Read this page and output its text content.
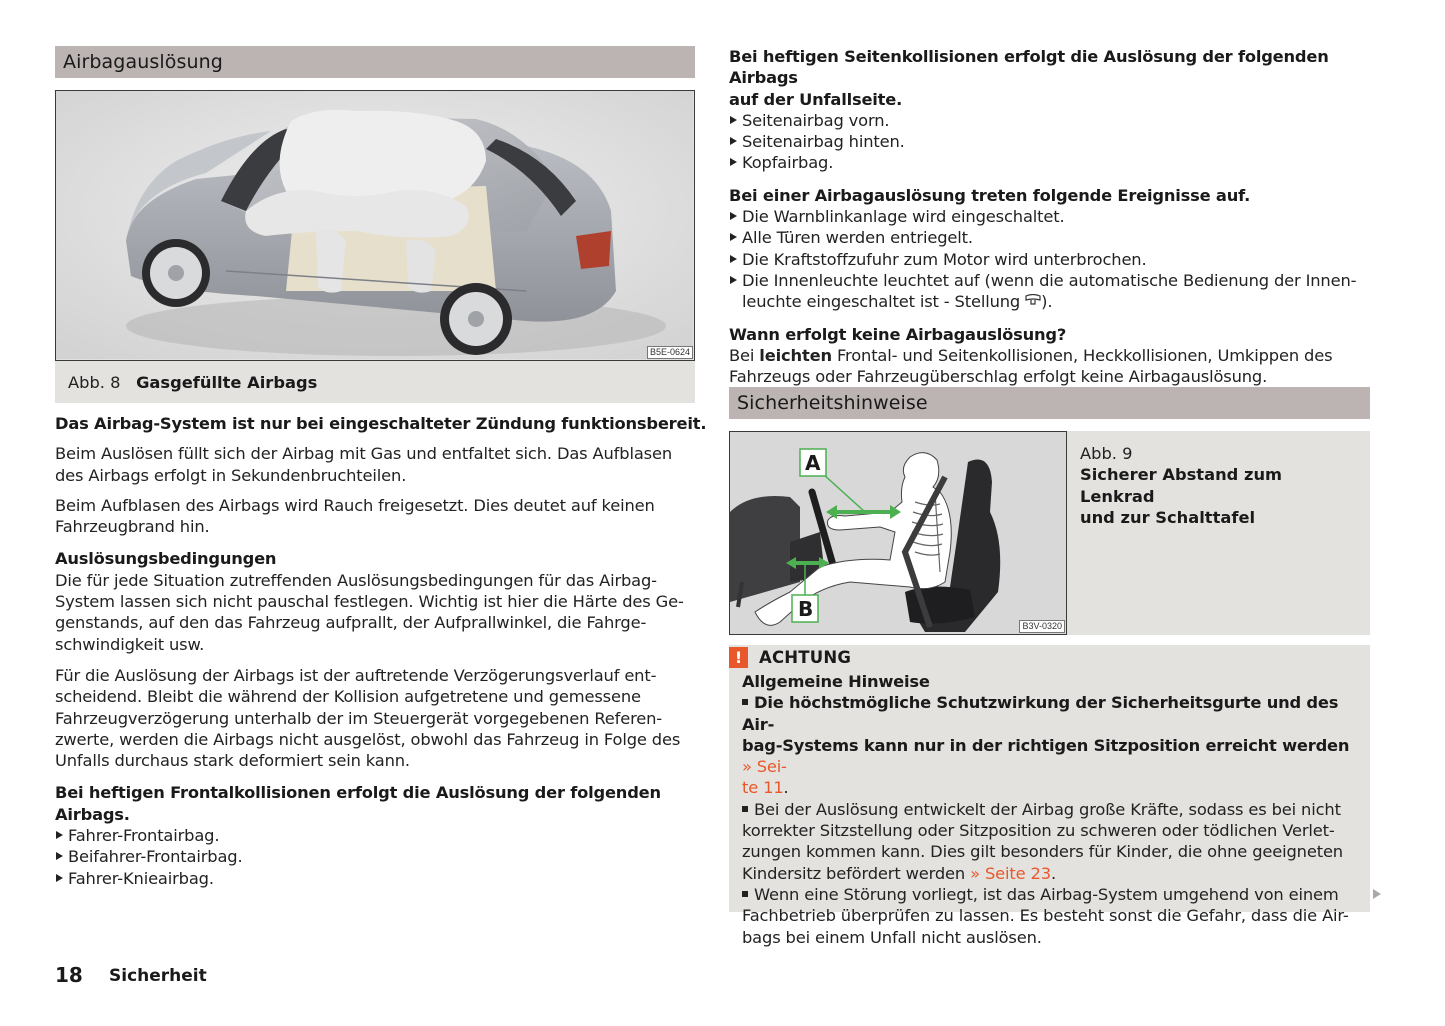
Airbagauslösung
B5E-0624
Abb. 8 Gasgefüllte Airbags
Das Airbag-System ist nur bei eingeschalteter Zündung funktionsbereit.
Beim Auslösen füllt sich der Airbag mit Gas und entfaltet sich. Das Aufblasen
des Airbags erfolgt in Sekundenbruchteilen.
Beim Aufblasen des Airbags wird Rauch freigesetzt. Dies deutet auf keinen
Fahrzeugbrand hin.
Auslösungsbedingungen
Die für jede Situation zutreffenden Auslösungsbedingungen für das Airbag-
System lassen sich nicht pauschal festlegen. Wichtig ist hier die Härte des Ge-
genstands, auf den das Fahrzeug aufprallt, der Aufprallwinkel, die Fahrge-
schwindigkeit usw.
Für die Auslösung der Airbags ist der auftretende Verzögerungsverlauf ent-
scheidend. Bleibt die während der Kollision aufgetretene und gemessene
Fahrzeugverzögerung unterhalb der im Steuergerät vorgegebenen Referen-
zwerte, werden die Airbags nicht ausgelöst, obwohl das Fahrzeug in Folge des
Unfalls durchaus stark deformiert sein kann.
Bei heftigen Frontalkollisionen erfolgt die Auslösung der folgenden Airbags.
Fahrer-Frontairbag.
Beifahrer-Frontairbag.
Fahrer-Knieairbag.
Bei heftigen Seitenkollisionen erfolgt die Auslösung der folgenden Airbags
auf der Unfallseite.
Seitenairbag vorn.
Seitenairbag hinten.
Kopfairbag.
Bei einer Airbagauslösung treten folgende Ereignisse auf.
Die Warnblinkanlage wird eingeschaltet.
Alle Türen werden entriegelt.
Die Kraftstoffzufuhr zum Motor wird unterbrochen.
Die Innenleuchte leuchtet auf (wenn die automatische Bedienung der Innen-
leuchte eingeschaltet ist - Stellung ).
Wann erfolgt keine Airbagauslösung?
Bei leichten Frontal- und Seitenkollisionen, Heckkollisionen, Umkippen des
Fahrzeugs oder Fahrzeugüberschlag erfolgt keine Airbagauslösung.
Sicherheitshinweise
A
B
B3V-0320
Abb. 9
Sicherer Abstand zum Lenkrad
und zur Schalttafel
!	ACHTUNG
Allgemeine Hinweise
Die höchstmögliche Schutzwirkung der Sicherheitsgurte und des Air-
bag-Systems kann nur in der richtigen Sitzposition erreicht werden » Sei-
te 11.
Bei der Auslösung entwickelt der Airbag große Kräfte, sodass es bei nicht
korrekter Sitzstellung oder Sitzposition zu schweren oder tödlichen Verlet-
zungen kommen kann. Dies gilt besonders für Kinder, die ohne geeigneten
Kindersitz befördert werden » Seite 23.
Wenn eine Störung vorliegt, ist das Airbag-System umgehend von einem
Fachbetrieb überprüfen zu lassen. Es besteht sonst die Gefahr, dass die Air-
bags bei einem Unfall nicht auslösen.
18 Sicherheit
